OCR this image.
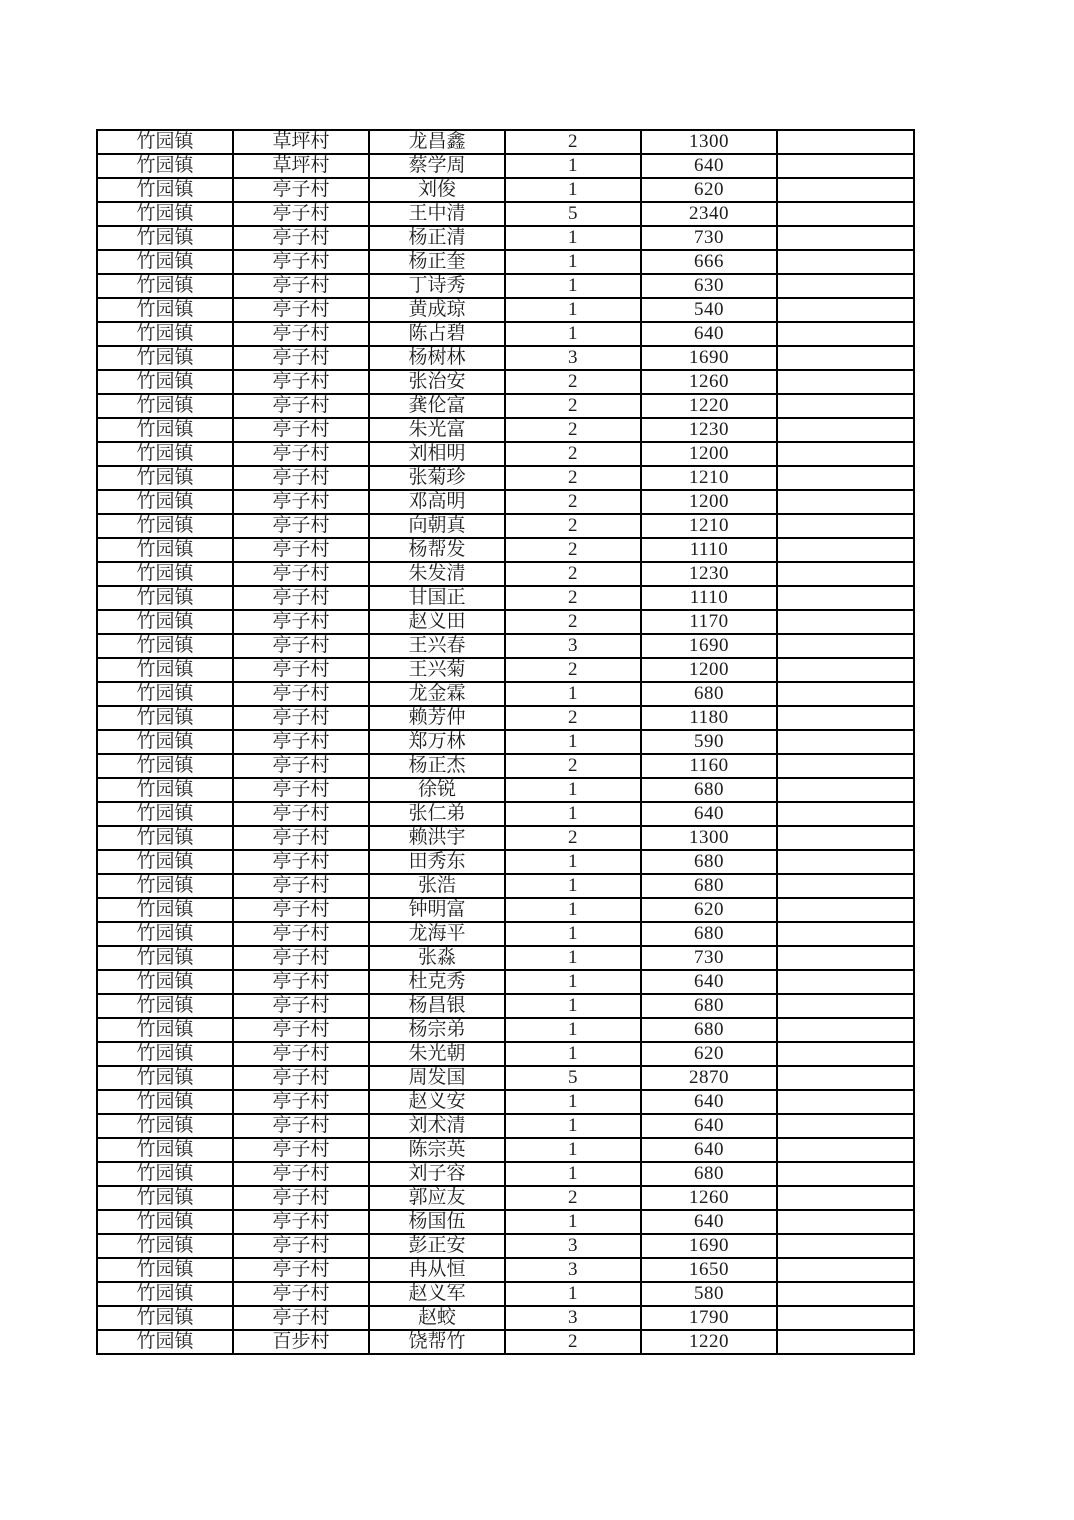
竹园镇	草坪村	龙昌鑫	2	1300	
竹园镇	草坪村	蔡学周	1	640	
竹园镇	亭子村	刘俊	1	620	
竹园镇	亭子村	王中清	5	2340	
竹园镇	亭子村	杨正清	1	730	
竹园镇	亭子村	杨正奎	1	666	
竹园镇	亭子村	丁诗秀	1	630	
竹园镇	亭子村	黄成琼	1	540	
竹园镇	亭子村	陈占碧	1	640	
竹园镇	亭子村	杨树林	3	1690	
竹园镇	亭子村	张治安	2	1260	
竹园镇	亭子村	龚伦富	2	1220	
竹园镇	亭子村	朱光富	2	1230	
竹园镇	亭子村	刘相明	2	1200	
竹园镇	亭子村	张菊珍	2	1210	
竹园镇	亭子村	邓高明	2	1200	
竹园镇	亭子村	向朝真	2	1210	
竹园镇	亭子村	杨帮发	2	1110	
竹园镇	亭子村	朱发清	2	1230	
竹园镇	亭子村	甘国正	2	1110	
竹园镇	亭子村	赵义田	2	1170	
竹园镇	亭子村	王兴春	3	1690	
竹园镇	亭子村	王兴菊	2	1200	
竹园镇	亭子村	龙金霖	1	680	
竹园镇	亭子村	赖芳仲	2	1180	
竹园镇	亭子村	郑万林	1	590	
竹园镇	亭子村	杨正杰	2	1160	
竹园镇	亭子村	徐锐	1	680	
竹园镇	亭子村	张仁弟	1	640	
竹园镇	亭子村	赖洪宇	2	1300	
竹园镇	亭子村	田秀东	1	680	
竹园镇	亭子村	张浩	1	680	
竹园镇	亭子村	钟明富	1	620	
竹园镇	亭子村	龙海平	1	680	
竹园镇	亭子村	张淼	1	730	
竹园镇	亭子村	杜克秀	1	640	
竹园镇	亭子村	杨昌银	1	680	
竹园镇	亭子村	杨宗弟	1	680	
竹园镇	亭子村	朱光朝	1	620	
竹园镇	亭子村	周发国	5	2870	
竹园镇	亭子村	赵义安	1	640	
竹园镇	亭子村	刘术清	1	640	
竹园镇	亭子村	陈宗英	1	640	
竹园镇	亭子村	刘子容	1	680	
竹园镇	亭子村	郭应友	2	1260	
竹园镇	亭子村	杨国伍	1	640	
竹园镇	亭子村	彭正安	3	1690	
竹园镇	亭子村	冉从恒	3	1650	
竹园镇	亭子村	赵义军	1	580	
竹园镇	亭子村	赵蛟	3	1790	
竹园镇	百步村	饶帮竹	2	1220	
